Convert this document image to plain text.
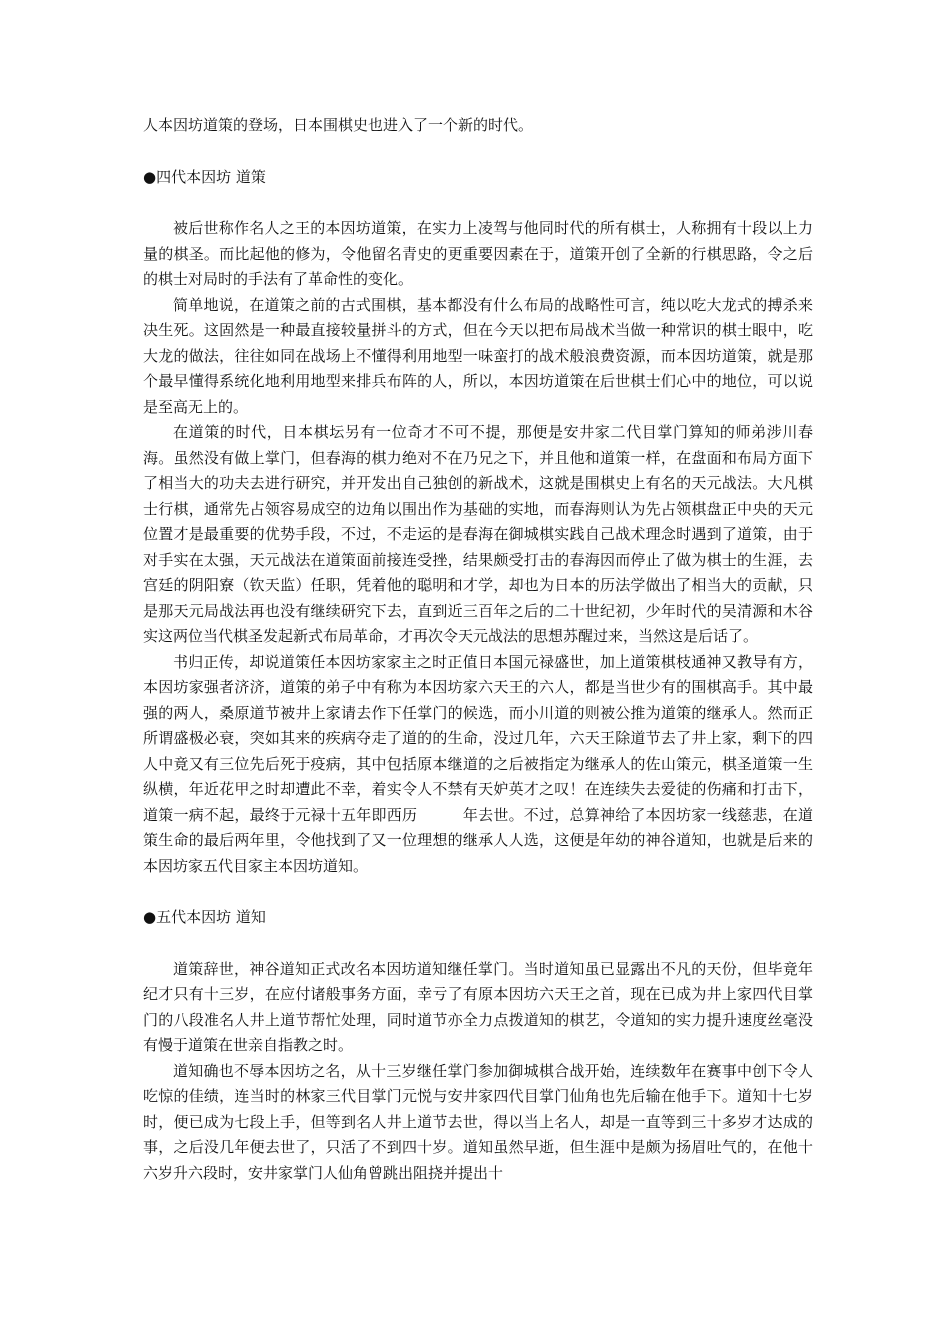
人本因坊道策的登场，日本围棋史也进入了一个新的时代。

●四代本因坊 道策

被后世称作名人之王的本因坊道策，在实力上凌驾与他同时代的所有棋士，人称拥有十段以上力量的棋圣。而比起他的修为，令他留名青史的更重要因素在于，道策开创了全新的行棋思路，令之后的棋士对局时的手法有了革命性的变化。

简单地说，在道策之前的古式围棋，基本都没有什么布局的战略性可言，纯以吃大龙式的搏杀来决生死。这固然是一种最直接较量拼斗的方式，但在今天以把布局战术当做一种常识的棋士眼中，吃大龙的做法，往往如同在战场上不懂得利用地型一味蛮打的战术般浪费资源，而本因坊道策，就是那个最早懂得系统化地利用地型来排兵布阵的人，所以，本因坊道策在后世棋士们心中的地位，可以说是至高无上的。

在道策的时代，日本棋坛另有一位奇才不可不提，那便是安井家二代目掌门算知的师弟涉川春海。虽然没有做上掌门，但春海的棋力绝对不在乃兄之下，并且他和道策一样，在盘面和布局方面下了相当大的功夫去进行研究，并开发出自己独创的新战术，这就是围棋史上有名的天元战法。大凡棋士行棋，通常先占领容易成空的边角以围出作为基础的实地，而春海则认为先占领棋盘正中央的天元位置才是最重要的优势手段，不过，不走运的是春海在御城棋实践自己战术理念时遇到了道策，由于对手实在太强，天元战法在道策面前接连受挫，结果颇受打击的春海因而停止了做为棋士的生涯，去宫廷的阴阳寮（钦天监）任职，凭着他的聪明和才学，却也为日本的历法学做出了相当大的贡献，只是那天元局战法再也没有继续研究下去，直到近三百年之后的二十世纪初，少年时代的吴清源和木谷实这两位当代棋圣发起新式布局革命，才再次令天元战法的思想苏醒过来，当然这是后话了。

书归正传，却说道策任本因坊家家主之时正值日本国元禄盛世，加上道策棋枝通神又教导有方，本因坊家强者济济，道策的弟子中有称为本因坊家六天王的六人，都是当世少有的围棋高手。其中最强的两人，桑原道节被井上家请去作下任掌门的候选，而小川道的则被公推为道策的继承人。然而正所谓盛极必衰，突如其来的疾病夺走了道的的生命，没过几年，六天王除道节去了井上家，剩下的四人中竟又有三位先后死于疫病，其中包括原本继道的之后被指定为继承人的佐山策元，棋圣道策一生纵横，年近花甲之时却遭此不幸，着实令人不禁有天妒英才之叹！在连续失去爱徒的伤痛和打击下，道策一病不起，最终于元禄十五年即西历　　　年去世。不过，总算神给了本因坊家一线慈悲，在道策生命的最后两年里，令他找到了又一位理想的继承人人选，这便是年幼的神谷道知，也就是后来的本因坊家五代目家主本因坊道知。

●五代本因坊 道知

道策辞世，神谷道知正式改名本因坊道知继任掌门。当时道知虽已显露出不凡的天份，但毕竟年纪才只有十三岁，在应付诸般事务方面，幸亏了有原本因坊六天王之首，现在已成为井上家四代目掌门的八段准名人井上道节帮忙处理，同时道节亦全力点拨道知的棋艺，令道知的实力提升速度丝毫没有慢于道策在世亲自指教之时。

道知确也不辱本因坊之名，从十三岁继任掌门参加御城棋合战开始，连续数年在赛事中创下令人吃惊的佳绩，连当时的林家三代目掌门元悦与安井家四代目掌门仙角也先后输在他手下。道知十七岁时，便已成为七段上手，但等到名人井上道节去世，得以当上名人，却是一直等到三十多岁才达成的事，之后没几年便去世了，只活了不到四十岁。道知虽然早逝，但生涯中是颇为扬眉吐气的，在他十六岁升六段时，安井家掌门人仙角曾跳出阻挠并提出十
